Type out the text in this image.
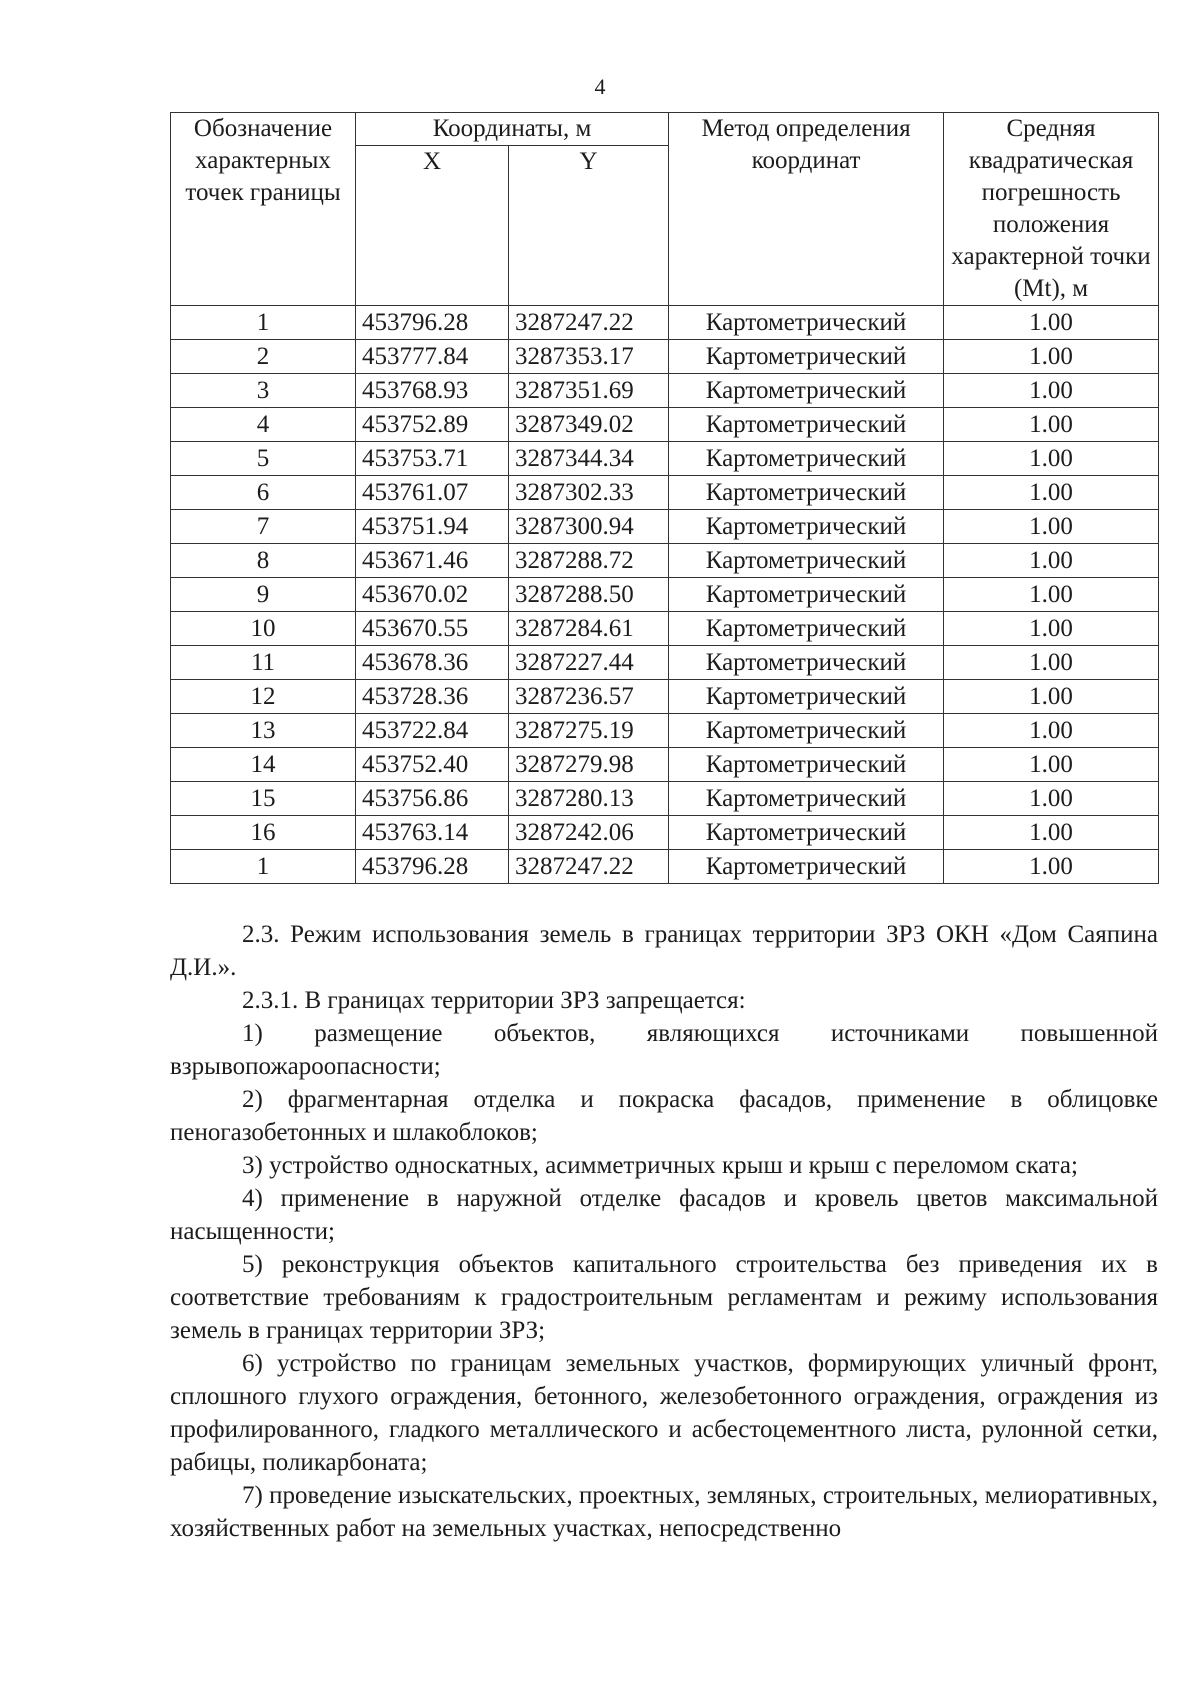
4
Обозначение характерных точек границы	Координаты, м		Метод определения координат	Средняя квадратическая погрешность положения характерной точки (Mt), м
	X	Y		
1	453796.28	3287247.22	Картометрический	1.00
2	453777.84	3287353.17	Картометрический	1.00
3	453768.93	3287351.69	Картометрический	1.00
4	453752.89	3287349.02	Картометрический	1.00
5	453753.71	3287344.34	Картометрический	1.00
6	453761.07	3287302.33	Картометрический	1.00
7	453751.94	3287300.94	Картометрический	1.00
8	453671.46	3287288.72	Картометрический	1.00
9	453670.02	3287288.50	Картометрический	1.00
10	453670.55	3287284.61	Картометрический	1.00
11	453678.36	3287227.44	Картометрический	1.00
12	453728.36	3287236.57	Картометрический	1.00
13	453722.84	3287275.19	Картометрический	1.00
14	453752.40	3287279.98	Картометрический	1.00
15	453756.86	3287280.13	Картометрический	1.00
16	453763.14	3287242.06	Картометрический	1.00
1	453796.28	3287247.22	Картометрический	1.00

2.3. Режим использования земель в границах территории ЗРЗ ОКН «Дом Саяпина Д.И.».

2.3.1. В границах территории ЗРЗ запрещается:

1) размещение объектов, являющихся источниками повышенной взрывопожароопасности;

2) фрагментарная отделка и покраска фасадов, применение в облицовке пеногазобетонных и шлакоблоков;

3) устройство односкатных, асимметричных крыш и крыш с переломом ската;

4) применение в наружной отделке фасадов и кровель цветов максимальной насыщенности;

5) реконструкция объектов капитального строительства без приведения их в соответствие требованиям к градостроительным регламентам и режиму использования земель в границах территории ЗРЗ;

6) устройство по границам земельных участков, формирующих уличный фронт, сплошного глухого ограждения, бетонного, железобетонного ограждения, ограждения из профилированного, гладкого металлического и асбестоцементного листа, рулонной сетки, рабицы, поликарбоната;

7) проведение изыскательских, проектных, земляных, строительных, мелиоративных, хозяйственных работ на земельных участках, непосредственно
